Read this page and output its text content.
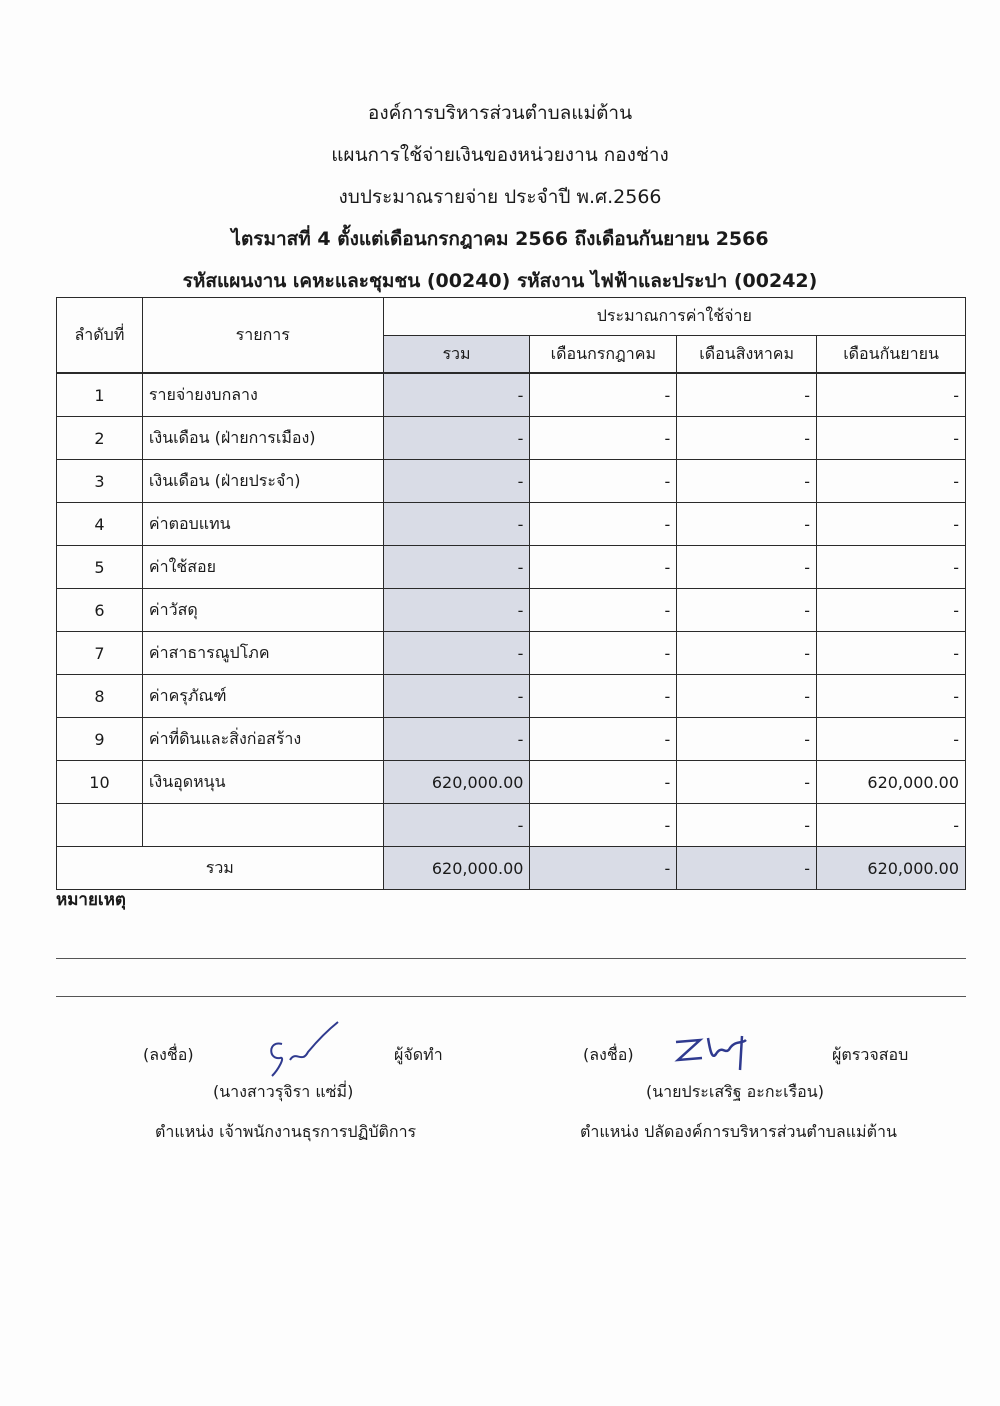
องค์การบริหารส่วนตำบลแม่ต้าน
แผนการใช้จ่ายเงินของหน่วยงาน กองช่าง
งบประมาณรายจ่าย ประจำปี พ.ศ.2566
ไตรมาสที่ 4 ตั้งแต่เดือนกรกฎาคม 2566 ถึงเดือนกันยายน 2566
รหัสแผนงาน เคหะและชุมชน (00240) รหัสงาน ไฟฟ้าและประปา (00242)
ลำดับที่	รายการ	ประมาณการค่าใช้จ่าย			
		รวม	เดือนกรกฎาคม	เดือนสิงหาคม	เดือนกันยายน

1	รายจ่ายงบกลาง	-	-	-	-
2	เงินเดือน (ฝ่ายการเมือง)	-	-	-	-
3	เงินเดือน (ฝ่ายประจำ)	-	-	-	-
4	ค่าตอบแทน	-	-	-	-
5	ค่าใช้สอย	-	-	-	-
6	ค่าวัสดุ	-	-	-	-
7	ค่าสาธารณูปโภค	-	-	-	-
8	ค่าครุภัณฑ์	-	-	-	-
9	ค่าที่ดินและสิ่งก่อสร้าง	-	-	-	-
10	เงินอุดหนุน	620,000.00	-	-	620,000.00
		-	-	-	-
รวม		620,000.00	-	-	620,000.00
หมายเหตุ
(ลงชื่อ)	ผู้จัดทำ
(นางสาวรุจิรา แซ่มี่)
ตำแหน่ง เจ้าพนักงานธุรการปฏิบัติการ
(ลงชื่อ)	ผู้ตรวจสอบ
(นายประเสริฐ อะกะเรือน)
ตำแหน่ง ปลัดองค์การบริหารส่วนตำบลแม่ต้าน
